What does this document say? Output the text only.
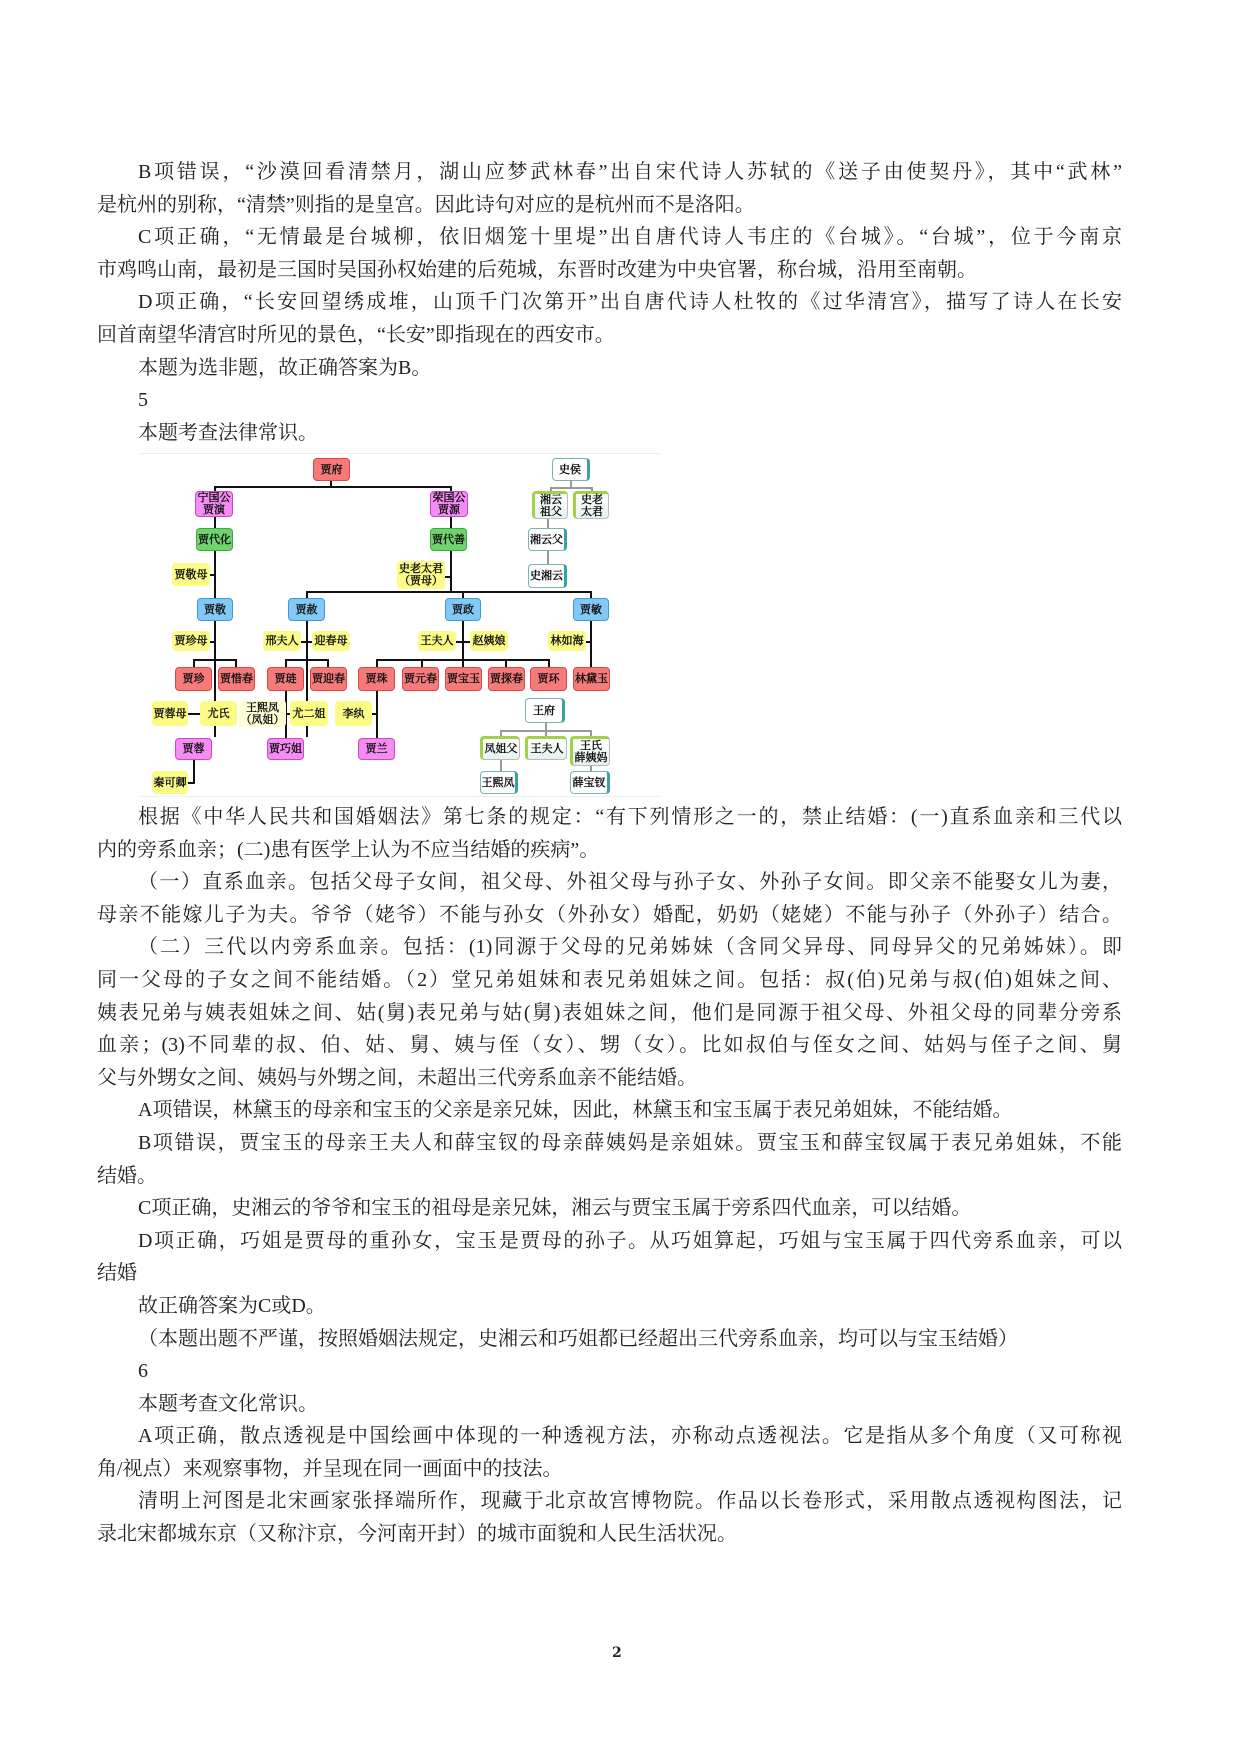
B项错误，“沙漠回看清禁月，湖山应梦武林春”出自宋代诗人苏轼的《送子由使契丹》，其中“武林”
是杭州的别称，“清禁”则指的是皇宫。因此诗句对应的是杭州而不是洛阳。
C项正确，“无情最是台城柳，依旧烟笼十里堤”出自唐代诗人韦庄的《台城》。“台城”，位于今南京
市鸡鸣山南，最初是三国时吴国孙权始建的后苑城，东晋时改建为中央官署，称台城，沿用至南朝。
D项正确，“长安回望绣成堆，山顶千门次第开”出自唐代诗人杜牧的《过华清宫》，描写了诗人在长安
回首南望华清宫时所见的景色，“长安”即指现在的西安市。
本题为选非题，故正确答案为B。
5
本题考查法律常识。
贾府
宁国公
贾演
荣国公
贾源
贾代化	贾代善
贾敬母	史老太君
（贾母）
贾敬	贾赦	贾政	贾敏
史侯
湘云
祖父
史老
太君
湘云父
史湘云
贾珍母	邢夫人 迎春母	王夫人 赵姨娘	林如海
贾珍	贾惜春	贾琏	贾迎春	贾珠	贾元春 贾宝玉 贾探春	贾环	林黛玉
贾蓉母	尤氏	王熙凤
（凤姐） 尤二姐	李纨	王府
贾蓉	贾巧姐	贾兰	凤姐父	王夫人	王氏
薛姨妈
秦可卿	王熙凤	薛宝钗
根据《中华人民共和国婚姻法》第七条的规定：“有下列情形之一的，禁止结婚：(一)直系血亲和三代以
内的旁系血亲；(二)患有医学上认为不应当结婚的疾病”。
（一）直系血亲。包括父母子女间，祖父母、外祖父母与孙子女、外孙子女间。即父亲不能娶女儿为妻，
母亲不能嫁儿子为夫。爷爷（姥爷）不能与孙女（外孙女）婚配，奶奶（姥姥）不能与孙子（外孙子）结合。
（二）三代以内旁系血亲。包括：(1)同源于父母的兄弟姊妹（含同父异母、同母异父的兄弟姊妹）。即
同一父母的子女之间不能结婚。（2）堂兄弟姐妹和表兄弟姐妹之间。包括：叔(伯)兄弟与叔(伯)姐妹之间、
姨表兄弟与姨表姐妹之间、姑(舅)表兄弟与姑(舅)表姐妹之间，他们是同源于祖父母、外祖父母的同辈分旁系
血亲；(3)不同辈的叔、伯、姑、舅、姨与侄（女）、甥（女）。比如叔伯与侄女之间、姑妈与侄子之间、舅
父与外甥女之间、姨妈与外甥之间，未超出三代旁系血亲不能结婚。
A项错误，林黛玉的母亲和宝玉的父亲是亲兄妹，因此，林黛玉和宝玉属于表兄弟姐妹，不能结婚。
B项错误，贾宝玉的母亲王夫人和薛宝钗的母亲薛姨妈是亲姐妹。贾宝玉和薛宝钗属于表兄弟姐妹，不能
结婚。
C项正确，史湘云的爷爷和宝玉的祖母是亲兄妹，湘云与贾宝玉属于旁系四代血亲，可以结婚。
D项正确，巧姐是贾母的重孙女，宝玉是贾母的孙子。从巧姐算起，巧姐与宝玉属于四代旁系血亲，可以
结婚
故正确答案为C或D。
（本题出题不严谨，按照婚姻法规定，史湘云和巧姐都已经超出三代旁系血亲，均可以与宝玉结婚）
6
本题考查文化常识。
A项正确，散点透视是中国绘画中体现的一种透视方法，亦称动点透视法。它是指从多个角度（又可称视
角/视点）来观察事物，并呈现在同一画面中的技法。
清明上河图是北宋画家张择端所作，现藏于北京故宫博物院。作品以长卷形式，采用散点透视构图法，记
录北宋都城东京（又称汴京，今河南开封）的城市面貌和人民生活状况。
2
